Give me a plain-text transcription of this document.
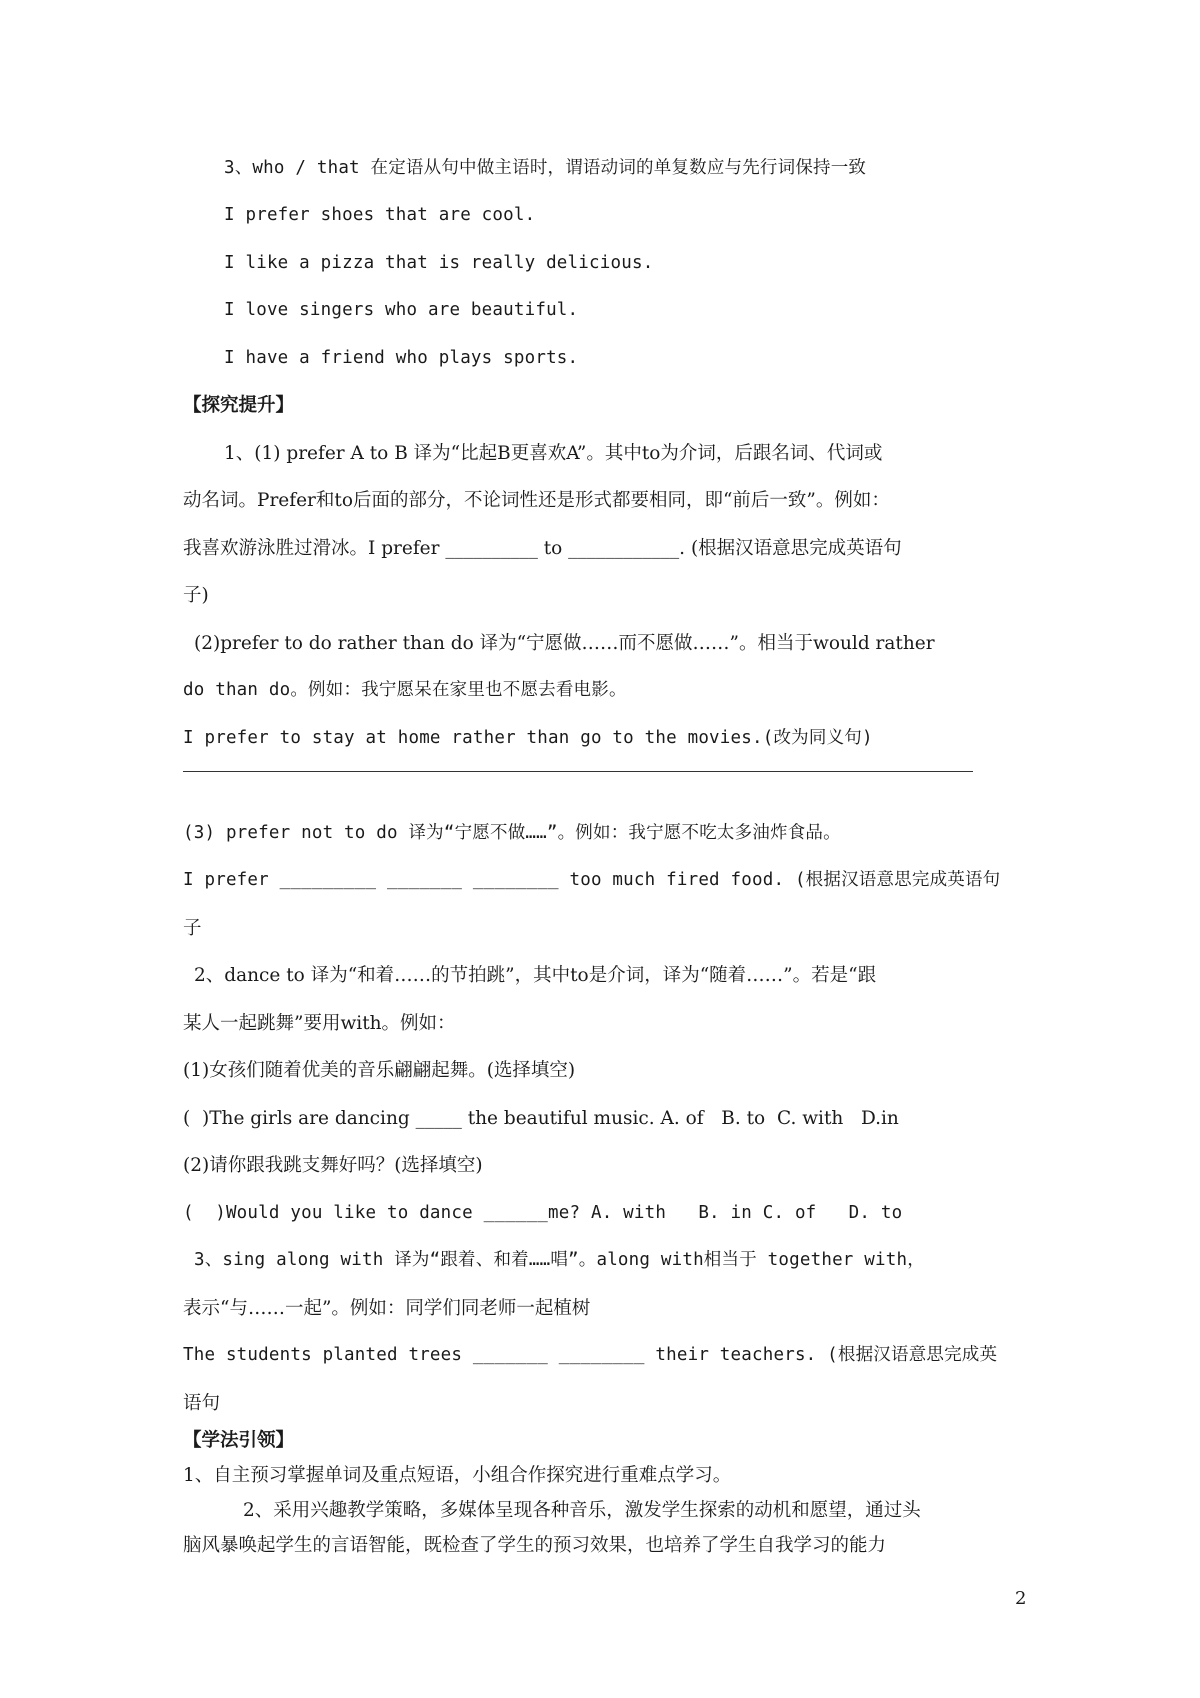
3、who / that 在定语从句中做主语时，谓语动词的单复数应与先行词保持一致
I prefer shoes that are cool.
I like a pizza that is really delicious.
I love singers who are beautiful.
I have a friend who plays sports.
【探究提升】
1、(1) prefer A to B 译为“比起B更喜欢A”。其中to为介词，后跟名词、代词或
动名词。Prefer和to后面的部分，不论词性还是形式都要相同，即“前后一致”。例如：
我喜欢游泳胜过滑冰。I prefer __________ to ____________. (根据汉语意思完成英语句
子)
(2)prefer to do rather than do 译为“宁愿做……而不愿做……”。相当于would rather
do than do。例如：我宁愿呆在家里也不愿去看电影。
I prefer to stay at home rather than go to the movies.(改为同义句)
(3) prefer not to do 译为“宁愿不做……”。例如：我宁愿不吃太多油炸食品。
I prefer _________ _______ ________ too much fired food. (根据汉语意思完成英语句
子
2、dance to 译为“和着……的节拍跳”，其中to是介词，译为“随着……”。若是“跟
某人一起跳舞”要用with。例如：
(1)女孩们随着优美的音乐翩翩起舞。(选择填空)
(  )The girls are dancing _____ the beautiful music. A. of   B. to  C. with   D.in
(2)请你跟我跳支舞好吗？(选择填空)
(  )Would you like to dance ______me? A. with   B. in C. of   D. to
3、sing along with 译为“跟着、和着……唱”。along with相当于 together with，
表示“与……一起”。例如：同学们同老师一起植树
The students planted trees _______ ________ their teachers. (根据汉语意思完成英
语句
【学法引领】
1、自主预习掌握单词及重点短语，小组合作探究进行重难点学习。
2、采用兴趣教学策略，多媒体呈现各种音乐，激发学生探索的动机和愿望，通过头
脑风暴唤起学生的言语智能，既检查了学生的预习效果，也培养了学生自我学习的能力
2
